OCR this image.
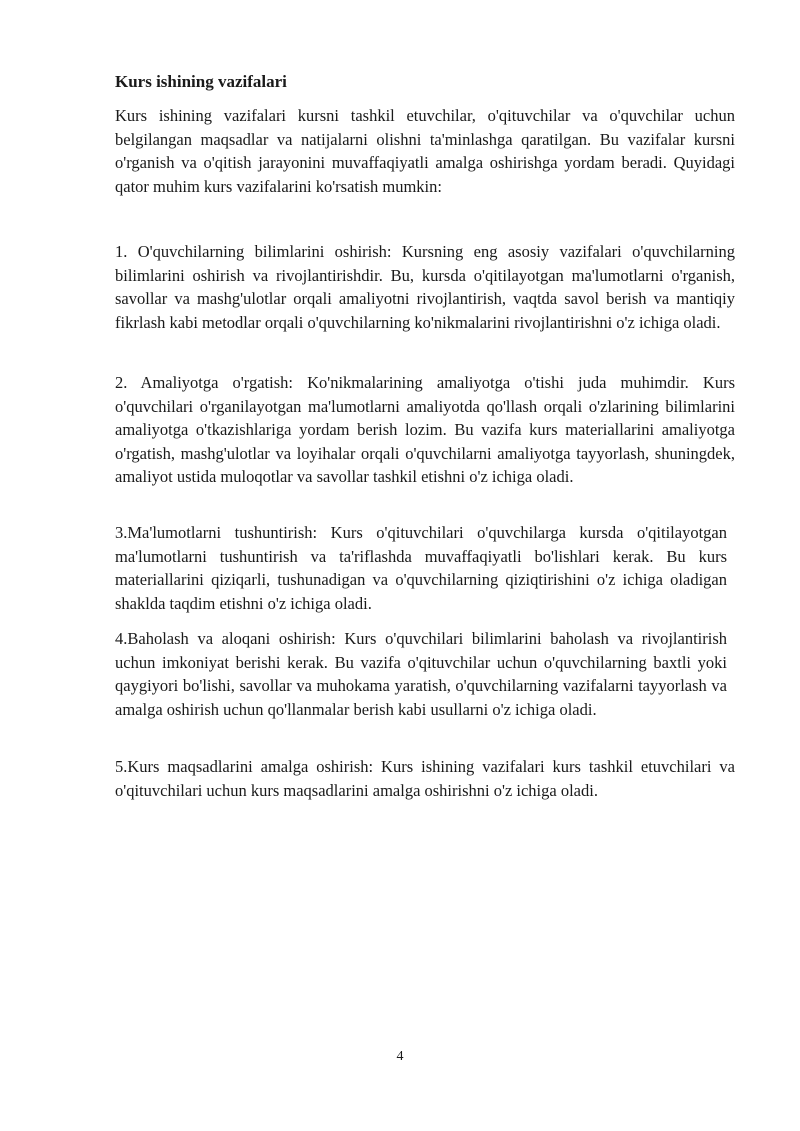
Kurs ishining vazifalari

Kurs ishining vazifalari kursni tashkil etuvchilar, o'qituvchilar va o'quvchilar uchun belgilangan maqsadlar va natijalarni olishni ta'minlashga qaratilgan. Bu vazifalar kursni o'rganish va o'qitish jarayonini muvaffaqiyatli amalga oshirishga yordam beradi. Quyidagi qator muhim kurs vazifalarini ko'rsatish mumkin:

1. O'quvchilarning bilimlarini oshirish: Kursning eng asosiy vazifalari o'quvchilarning bilimlarini oshirish va rivojlantirishdir. Bu, kursda o'qitilayotgan ma'lumotlarni o'rganish, savollar va mashg'ulotlar orqali amaliyotni rivojlantirish, vaqtda savol berish va mantiqiy fikrlash kabi metodlar orqali o'quvchilarning ko'nikmalarini rivojlantirishni o'z ichiga oladi.

2. Amaliyotga o'rgatish: Ko'nikmalarining amaliyotga o'tishi juda muhimdir. Kurs o'quvchilari o'rganilayotgan ma'lumotlarni amaliyotda qo'llash orqali o'zlarining bilimlarini amaliyotga o'tkazishlariga yordam berish lozim. Bu vazifa kurs materiallarini amaliyotga o'rgatish, mashg'ulotlar va loyihalar orqali o'quvchilarni amaliyotga tayyorlash, shuningdek, amaliyot ustida muloqotlar va savollar tashkil etishni o'z ichiga oladi.

3.Ma'lumotlarni tushuntirish: Kurs o'qituvchilari o'quvchilarga kursda o'qitilayotgan ma'lumotlarni tushuntirish va ta'riflashda muvaffaqiyatli bo'lishlari kerak. Bu kurs materiallarini qiziqarli, tushunadigan va o'quvchilarning qiziqtirishini o'z ichiga oladigan shaklda taqdim etishni o'z ichiga oladi.

4.Baholash va aloqani oshirish: Kurs o'quvchilari bilimlarini baholash va rivojlantirish uchun imkoniyat berishi kerak. Bu vazifa o'qituvchilar uchun o'quvchilarning baxtli yoki qaygiyori bo'lishi, savollar va muhokama yaratish, o'quvchilarning vazifalarni tayyorlash va amalga oshirish uchun qo'llanmalar berish kabi usullarni o'z ichiga oladi.

5.Kurs maqsadlarini amalga oshirish: Kurs ishining vazifalari kurs tashkil etuvchilari va o'qituvchilari uchun kurs maqsadlarini amalga oshirishni o'z ichiga oladi.

4
